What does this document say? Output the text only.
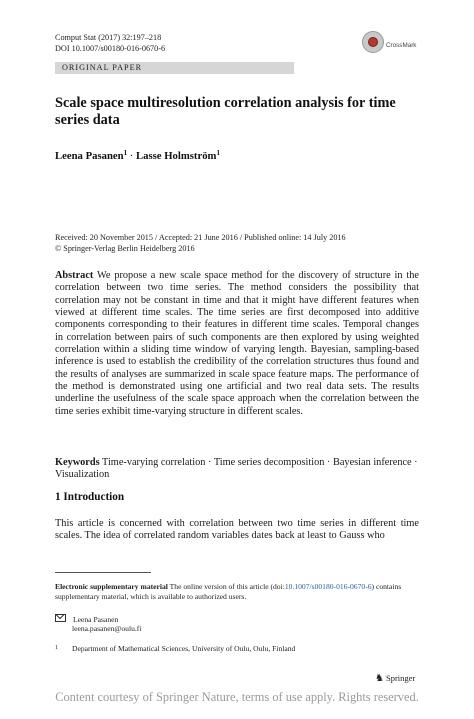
Comput Stat (2017) 32:197–218
DOI 10.1007/s00180-016-0670-6	CrossMark
ORIGINAL PAPER
Scale space multiresolution correlation analysis for time series data
Leena Pasanen$^1$ · Lasse Holmström$^1$
Received: 20 November 2015 / Accepted: 21 June 2016 / Published online: 14 July 2016
© Springer-Verlag Berlin Heidelberg 2016
Abstract We propose a new scale space method for the discovery of structure in the correlation between two time series. The method considers the possibility that correlation may not be constant in time and that it might have different features when viewed at different time scales. The time series are first decomposed into additive components corresponding to their features in different time scales. Temporal changes in correlation between pairs of such components are then explored by using weighted correlation within a sliding time window of varying length. Bayesian, sampling-based inference is used to establish the credibility of the correlation structures thus found and the results of analyses are summarized in scale space feature maps. The performance of the method is demonstrated using one artificial and two real data sets. The results underline the usefulness of the scale space approach when the correlation between the time series exhibit time-varying structure in different scales.
Keywords Time-varying correlation · Time series decomposition · Bayesian inference · Visualization
1 Introduction
This article is concerned with correlation between two time series in different time scales. The idea of correlated random variables dates back at least to Gauss who
Electronic supplementary material The online version of this article (doi:10.1007/s00180-016-0670-6) contains supplementary material, which is available to authorized users.
Leena Pasanen
leena.pasanen@oulu.fi
1 Department of Mathematical Sciences, University of Oulu, Oulu, Finland
♞ Springer
Content courtesy of Springer Nature, terms of use apply. Rights reserved.
